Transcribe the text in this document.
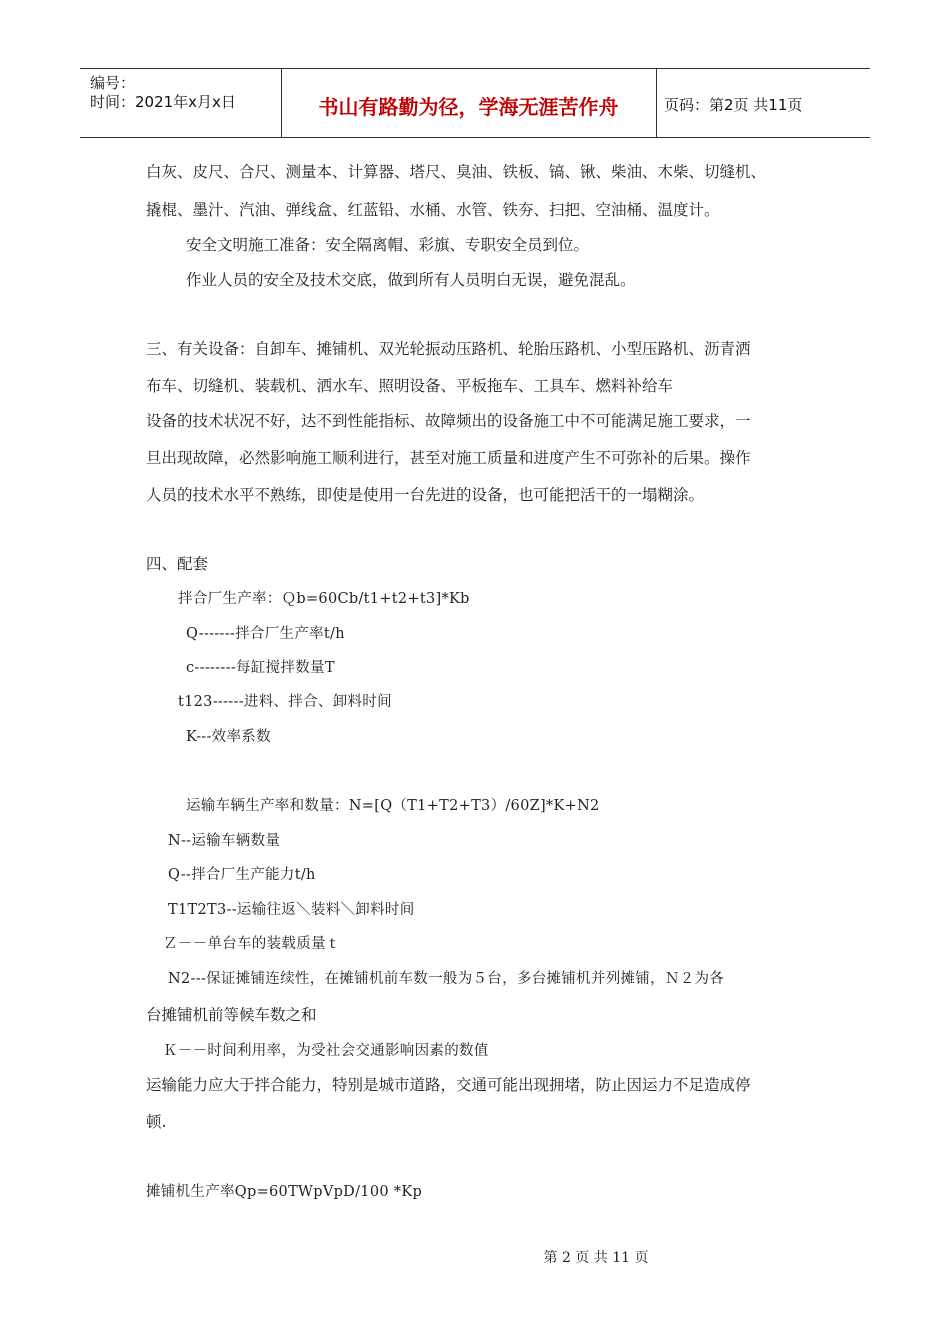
编号：
时间：2021年x月x日	书山有路勤为径，学海无涯苦作舟	页码：第2页 共11页
白灰、皮尺、合尺、测量本、计算器、塔尺、臭油、铁板、镐、锹、柴油、木柴、切缝机、
撬棍、墨汁、汽油、弹线盒、红蓝铅、水桶、水管、铁夯、扫把、空油桶、温度计。
安全文明施工准备：安全隔离帽、彩旗、专职安全员到位。
作业人员的安全及技术交底，做到所有人员明白无误，避免混乱。
三、有关设备：自卸车、摊铺机、双光轮振动压路机、轮胎压路机、小型压路机、沥青洒
布车、切缝机、装载机、洒水车、照明设备、平板拖车、工具车、燃料补给车
设备的技术状况不好，达不到性能指标、故障频出的设备施工中不可能满足施工要求，一
旦出现故障，必然影响施工顺利进行，甚至对施工质量和进度产生不可弥补的后果。操作
人员的技术水平不熟练，即使是使用一台先进的设备，也可能把活干的一塌糊涂。
四、配套
拌合厂生产率：Ｑb=60Cb/t1+t2+t3]*Kb
Q-------拌合厂生产率t/h
c--------每缸搅拌数量T
t123------进料、拌合、卸料时间
K---效率系数
运输车辆生产率和数量：N=[Q（T1+T2+T3）/60Z]*K+N2
N--运输车辆数量
Q--拌合厂生产能力t/h
T1T2T3--运输往返＼装料＼卸料时间
Ｚ－－单台车的装载质量ｔ
N2---保证摊铺连续性，在摊铺机前车数一般为５台，多台摊铺机并列摊铺，Ｎ２为各
台摊铺机前等候车数之和
Ｋ－－时间利用率，为受社会交通影响因素的数值
运输能力应大于拌合能力，特别是城市道路，交通可能出现拥堵，防止因运力不足造成停
顿.
摊铺机生产率Qp=60TWpVpD/100 *Kp
第 2 页 共 11 页
